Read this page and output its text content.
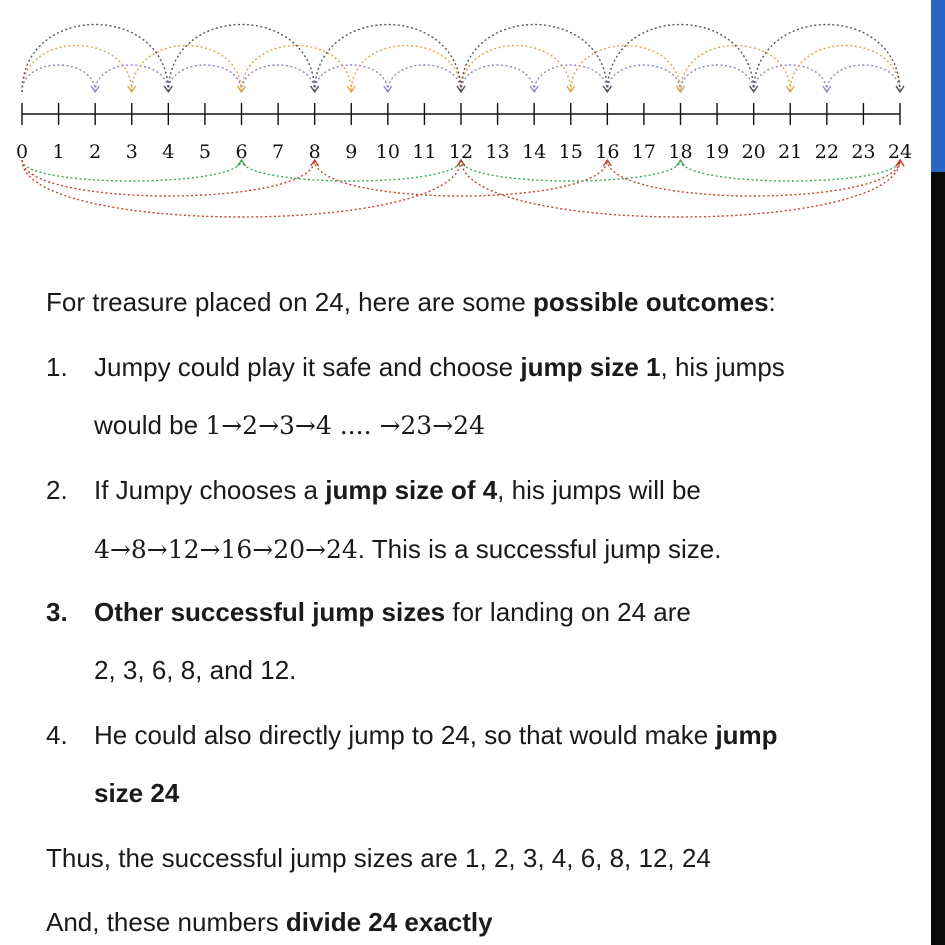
0 1 2 3 4 5 6 7 8 9 10 11 12 13 14 15 16 17 18 19 20 21 22 23 24
For treasure placed on 24, here are some possible outcomes:
1. Jumpy could play it safe and choose jump size 1, his jumps
would be 1→2→3→4 .... →23→24
2. If Jumpy chooses a jump size of 4, his jumps will be
4→8→12→16→20→24. This is a successful jump size.
3. Other successful jump sizes for landing on 24 are
2, 3, 6, 8, and 12.
4. He could also directly jump to 24, so that would make jump
size 24
Thus, the successful jump sizes are 1, 2, 3, 4, 6, 8, 12, 24
And, these numbers divide 24 exactly
